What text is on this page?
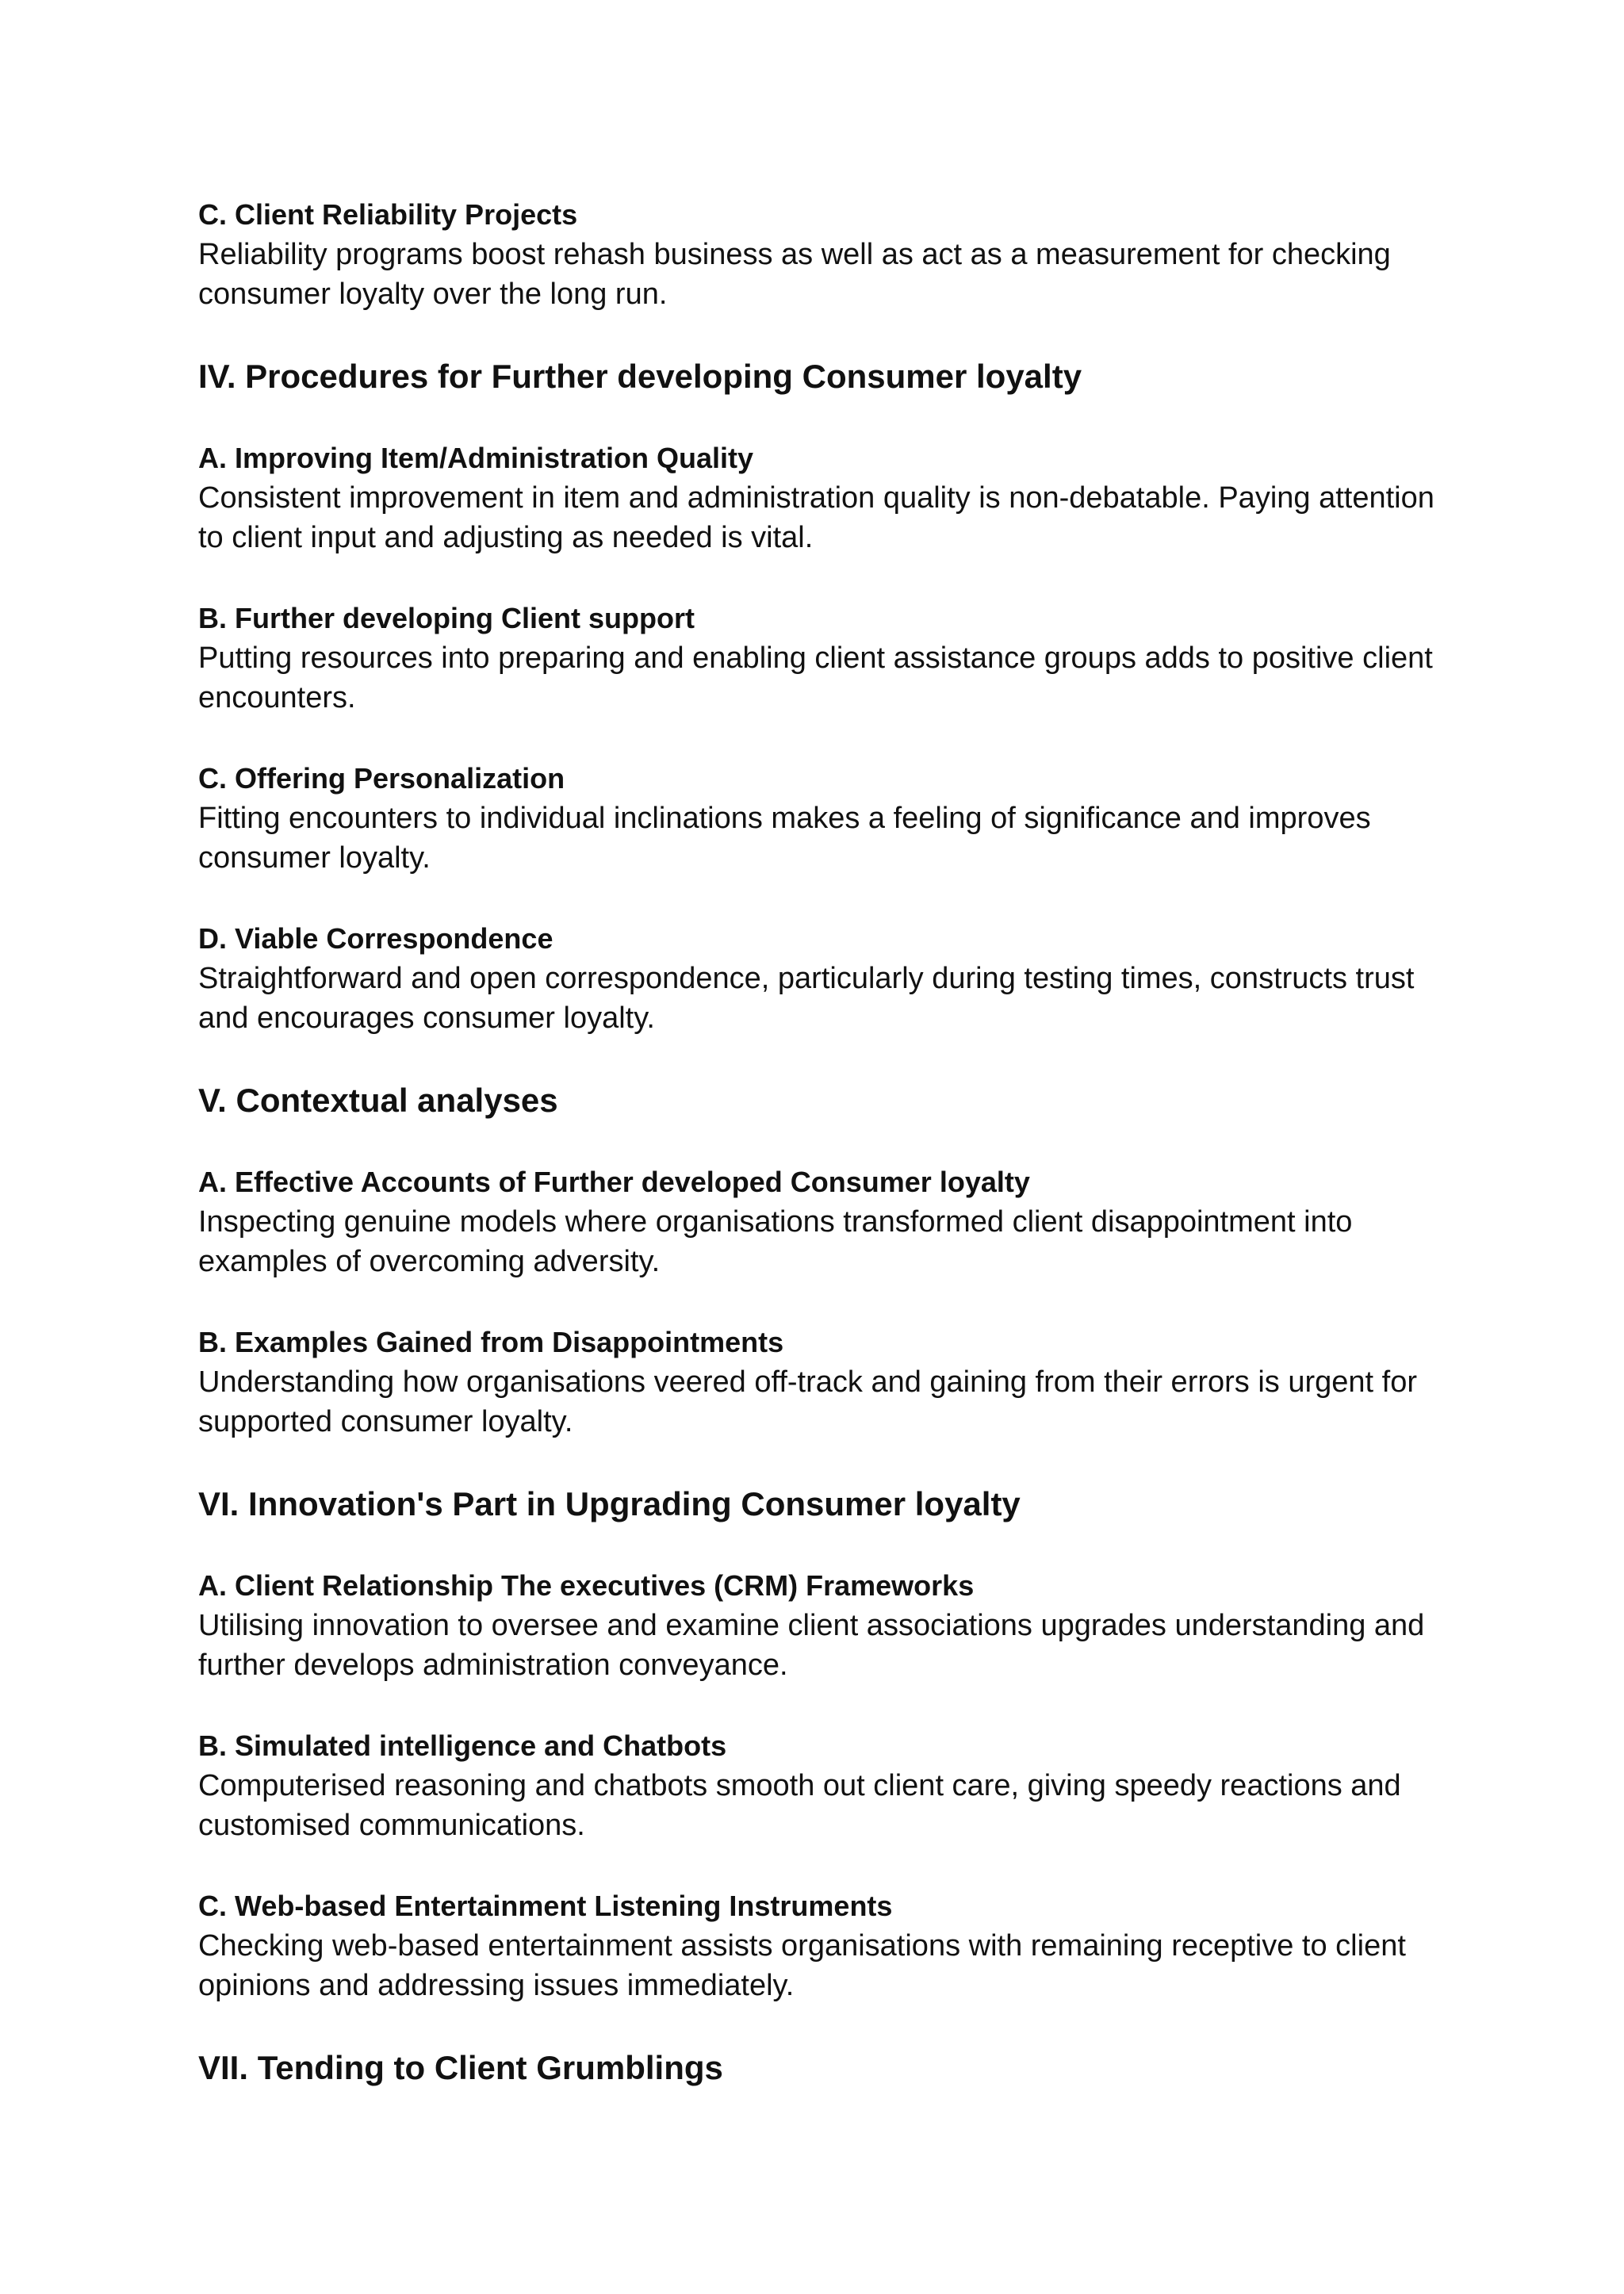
C. Client Reliability Projects

Reliability programs boost rehash business as well as act as a measurement for checking consumer loyalty over the long run.

IV. Procedures for Further developing Consumer loyalty
A. Improving Item/Administration Quality

Consistent improvement in item and administration quality is non-debatable. Paying attention to client input and adjusting as needed is vital.

B. Further developing Client support

Putting resources into preparing and enabling client assistance groups adds to positive client encounters.

C. Offering Personalization

Fitting encounters to individual inclinations makes a feeling of significance and improves consumer loyalty.

D. Viable Correspondence

Straightforward and open correspondence, particularly during testing times, constructs trust and encourages consumer loyalty.

V. Contextual analyses
A. Effective Accounts of Further developed Consumer loyalty

Inspecting genuine models where organisations transformed client disappointment into examples of overcoming adversity.

B. Examples Gained from Disappointments

Understanding how organisations veered off-track and gaining from their errors is urgent for supported consumer loyalty.

VI. Innovation's Part in Upgrading Consumer loyalty
A. Client Relationship The executives (CRM) Frameworks

Utilising innovation to oversee and examine client associations upgrades understanding and further develops administration conveyance.

B. Simulated intelligence and Chatbots

Computerised reasoning and chatbots smooth out client care, giving speedy reactions and customised communications.

C. Web-based Entertainment Listening Instruments

Checking web-based entertainment assists organisations with remaining receptive to client opinions and addressing issues immediately.

VII. Tending to Client Grumblings
